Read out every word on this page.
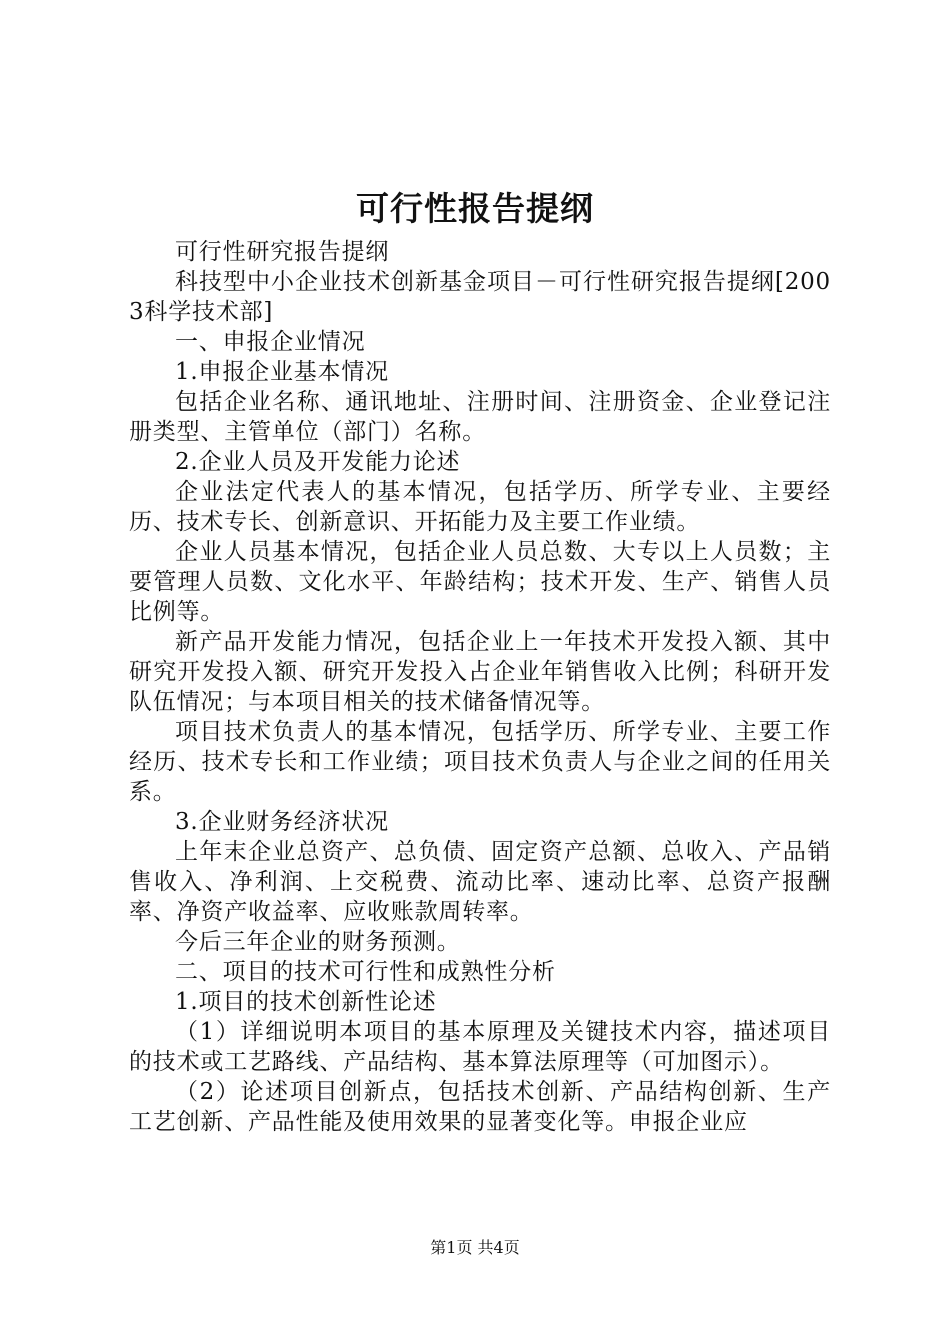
可行性报告提纲

可行性研究报告提纲

科技型中小企业技术创新基金项目－可行性研究报告提纲[2003科学技术部]

一、申报企业情况

1.申报企业基本情况

包括企业名称、通讯地址、注册时间、注册资金、企业登记注册类型、主管单位（部门）名称。

2.企业人员及开发能力论述

企业法定代表人的基本情况，包括学历、所学专业、主要经历、技术专长、创新意识、开拓能力及主要工作业绩。

企业人员基本情况，包括企业人员总数、大专以上人员数；主要管理人员数、文化水平、年龄结构；技术开发、生产、销售人员比例等。

新产品开发能力情况，包括企业上一年技术开发投入额、其中研究开发投入额、研究开发投入占企业年销售收入比例；科研开发队伍情况；与本项目相关的技术储备情况等。

项目技术负责人的基本情况，包括学历、所学专业、主要工作经历、技术专长和工作业绩；项目技术负责人与企业之间的任用关系。

3.企业财务经济状况

上年末企业总资产、总负债、固定资产总额、总收入、产品销售收入、净利润、上交税费、流动比率、速动比率、总资产报酬率、净资产收益率、应收账款周转率。

今后三年企业的财务预测。

二、项目的技术可行性和成熟性分析

1.项目的技术创新性论述

（1）详细说明本项目的基本原理及关键技术内容，描述项目的技术或工艺路线、产品结构、基本算法原理等（可加图示）。

（2）论述项目创新点，包括技术创新、产品结构创新、生产工艺创新、产品性能及使用效果的显著变化等。申报企业应

第1页 共4页
